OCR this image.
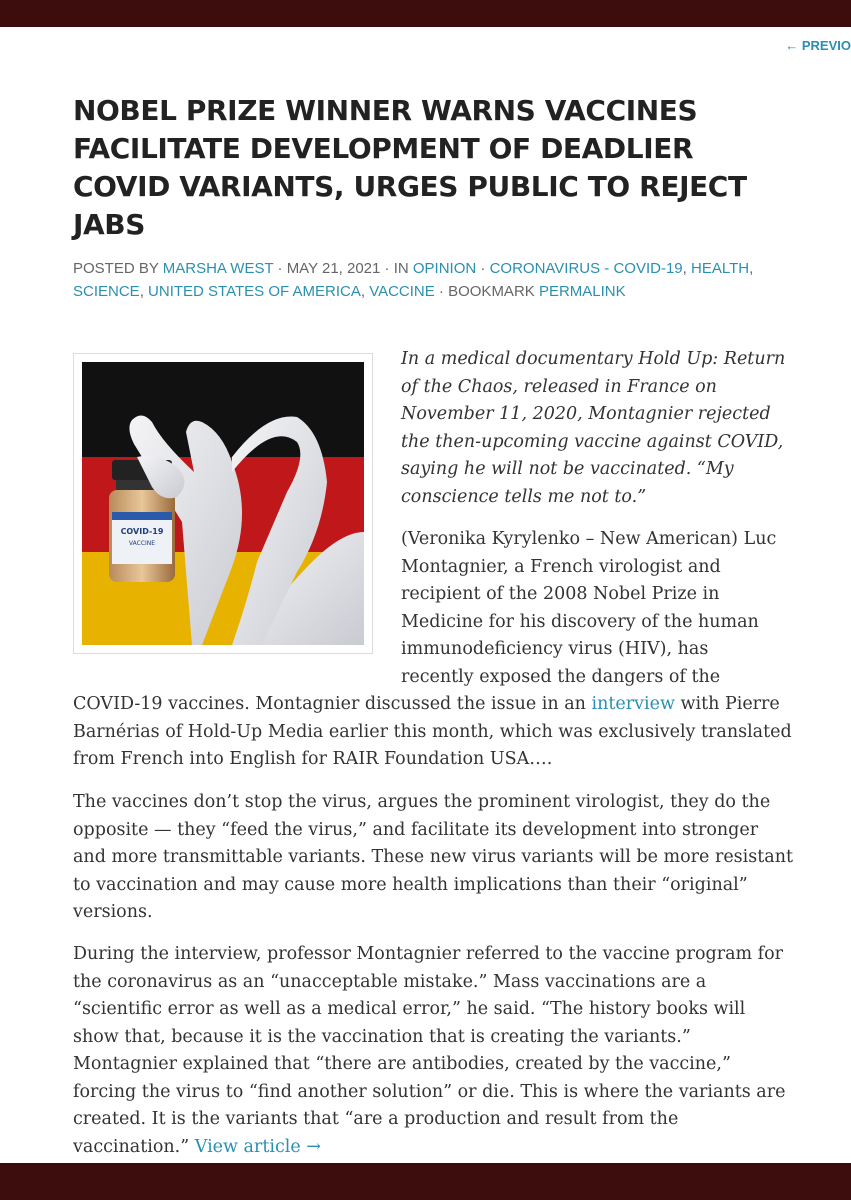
← PREVIO
NOBEL PRIZE WINNER WARNS VACCINES FACILITATE DEVELOPMENT OF DEADLIER COVID VARIANTS, URGES PUBLIC TO REJECT JABS
POSTED BY MARSHA WEST · MAY 21, 2021 · IN OPINION · CORONAVIRUS - COVID-19, HEALTH, SCIENCE, UNITED STATES OF AMERICA, VACCINE · BOOKMARK PERMALINK
COVID-19
VACCINE

In a medical documentary Hold Up: Return of the Chaos, released in France on November 11, 2020, Montagnier rejected the then-upcoming vaccine against COVID, saying he will not be vaccinated. “My conscience tells me not to.”

(Veronika Kyrylenko – New American) Luc Montagnier, a French virologist and recipient of the 2008 Nobel Prize in Medicine for his discovery of the human immunodeficiency virus (HIV), has recently exposed the dangers of the

COVID-19 vaccines. Montagnier discussed the issue in an interview with Pierre Barnérias of Hold-Up Media earlier this month, which was exclusively translated from French into English for RAIR Foundation USA….

The vaccines don’t stop the virus, argues the prominent virologist, they do the opposite — they “feed the virus,” and facilitate its development into stronger and more transmittable variants. These new virus variants will be more resistant to vaccination and may cause more health implications than their “original” versions.

During the interview, professor Montagnier referred to the vaccine program for the coronavirus as an “unacceptable mistake.” Mass vaccinations are a “scientific error as well as a medical error,” he said. “The history books will show that, because it is the vaccination that is creating the variants.” Montagnier explained that “there are antibodies, created by the vaccine,” forcing the virus to “find another solution” or die. This is where the variants are created. It is the variants that “are a production and result from the vaccination.” View article →
